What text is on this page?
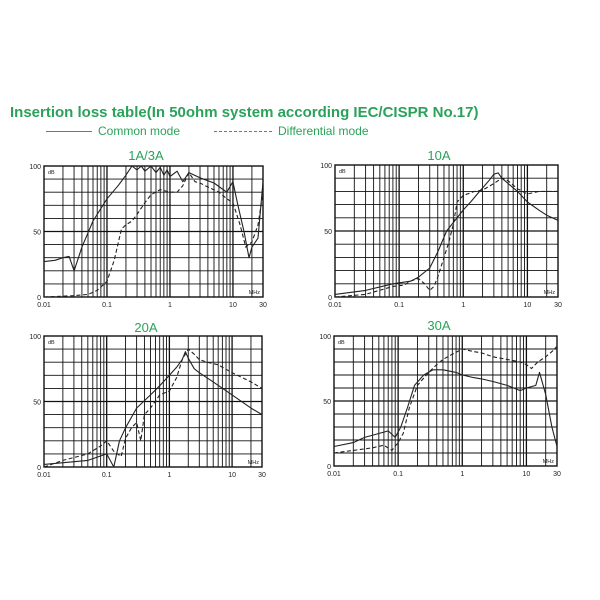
Insertion loss table(In 50ohm system according IEC/CISPR No.17)
Common mode	Differential mode
1A/3A	10A
20A	30A
0.01	0.1	1	10	30
0
50
100
dB
MHz
0.01	0.1	1	10	30
0
50
100
dB
MHz
0.01	0.1	1	10	30
0
50
100
dB
MHz
0.01	0.1	1	10	30
0
50
100
dB
MHz
